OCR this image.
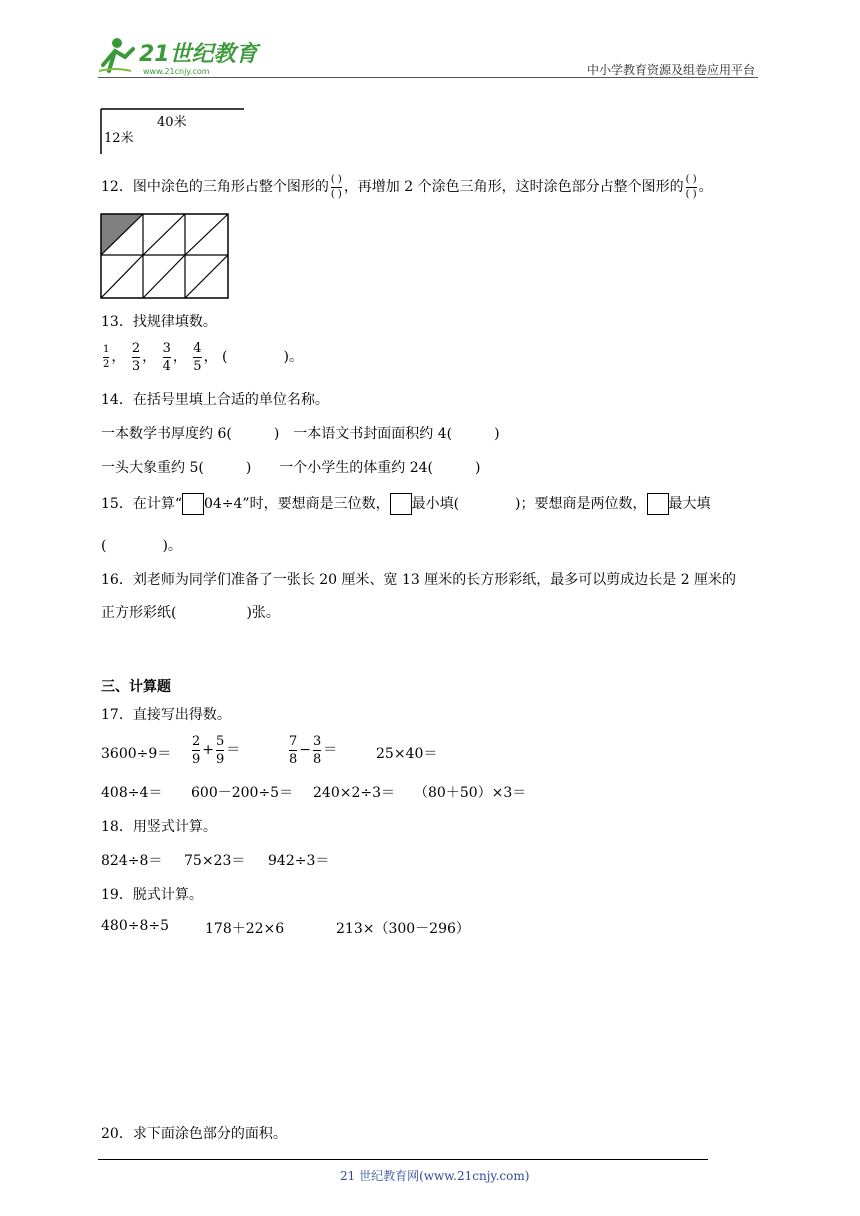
21世纪教育
www.21cnjy.com	中小学教育资源及组卷应用平台
40米
12米
12．图中涂色的三角形占整个图形的 $\frac{( )}{( )}$ ，再增加 2 个涂色三角形，这时涂色部分占整个图形的 $\frac{( )}{( )}$ 。
13．找规律填数。
$\frac{1}{2}$ ， $\frac{2}{3}$ ， $\frac{3}{4}$ ， $\frac{4}{5}$ ， (　　　　)。
14．在括号里填上合适的单位名称。
一本数学书厚度约 6(　　　)　一本语文书封面面积约 4(　　　)
一头大象重约 5(　　　)　　一个小学生的体重约 24(　　　)
15．在计算“ 04÷4”时，要想商是三位数， 最小填(　　　　)；要想商是两位数， 最大填
(　　　　)。
16．刘老师为同学们准备了一张长 20 厘米、宽 13 厘米的长方形彩纸，最多可以剪成边长是 2 厘米的
正方形彩纸(　　　　　)张。
三、计算题
17．直接写出得数。
$3600\div 9= \frac{2}{9} + \frac{5}{9}$ ＝	$\frac{7}{8} - \frac{3}{8}$ ＝	25×40＝
408÷4＝ 600－200÷5＝ 240×2÷3＝ （80＋50）×3＝
18．用竖式计算。
824÷8＝ 75×23＝ 942÷3＝
19．脱式计算。
480÷8÷5	178＋22×6	213×（300－296）
20．求下面涂色部分的面积。
21 世纪教育网(www.21cnjy.com)
